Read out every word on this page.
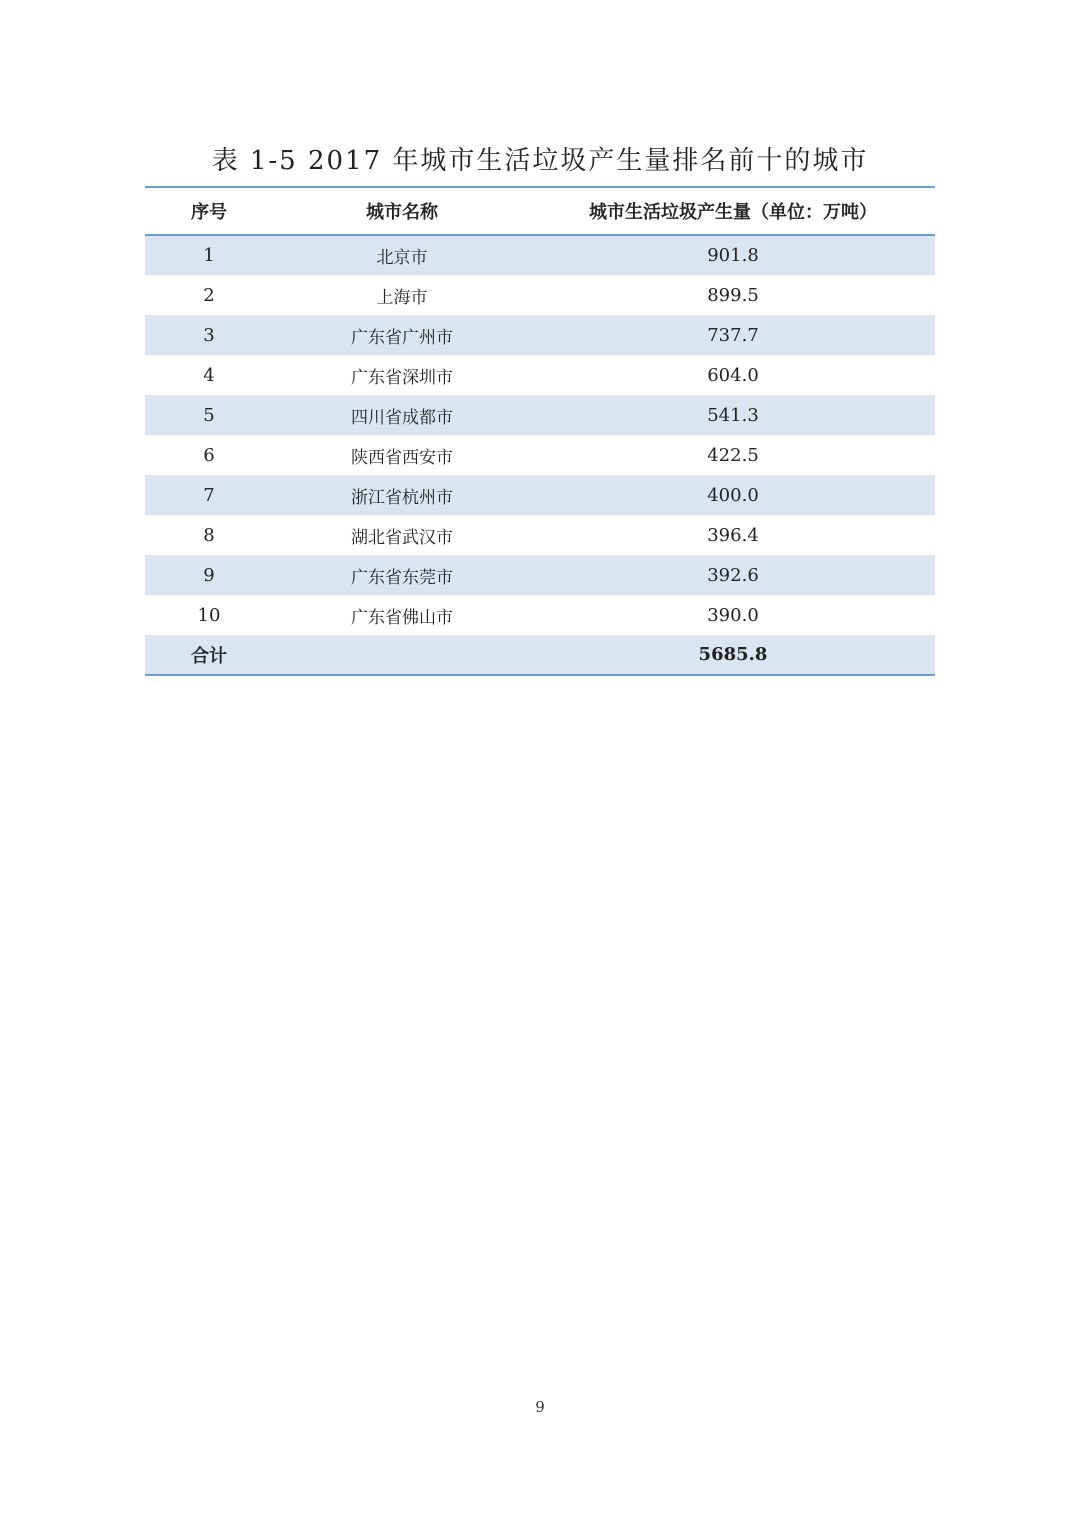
表 1-5 2017 年城市生活垃圾产生量排名前十的城市
序号	城市名称	城市生活垃圾产生量（单位：万吨）
1	北京市	901.8
2	上海市	899.5
3	广东省广州市	737.7
4	广东省深圳市	604.0
5	四川省成都市	541.3
6	陕西省西安市	422.5
7	浙江省杭州市	400.0
8	湖北省武汉市	396.4
9	广东省东莞市	392.6
10	广东省佛山市	390.0
合计		5685.8
9
